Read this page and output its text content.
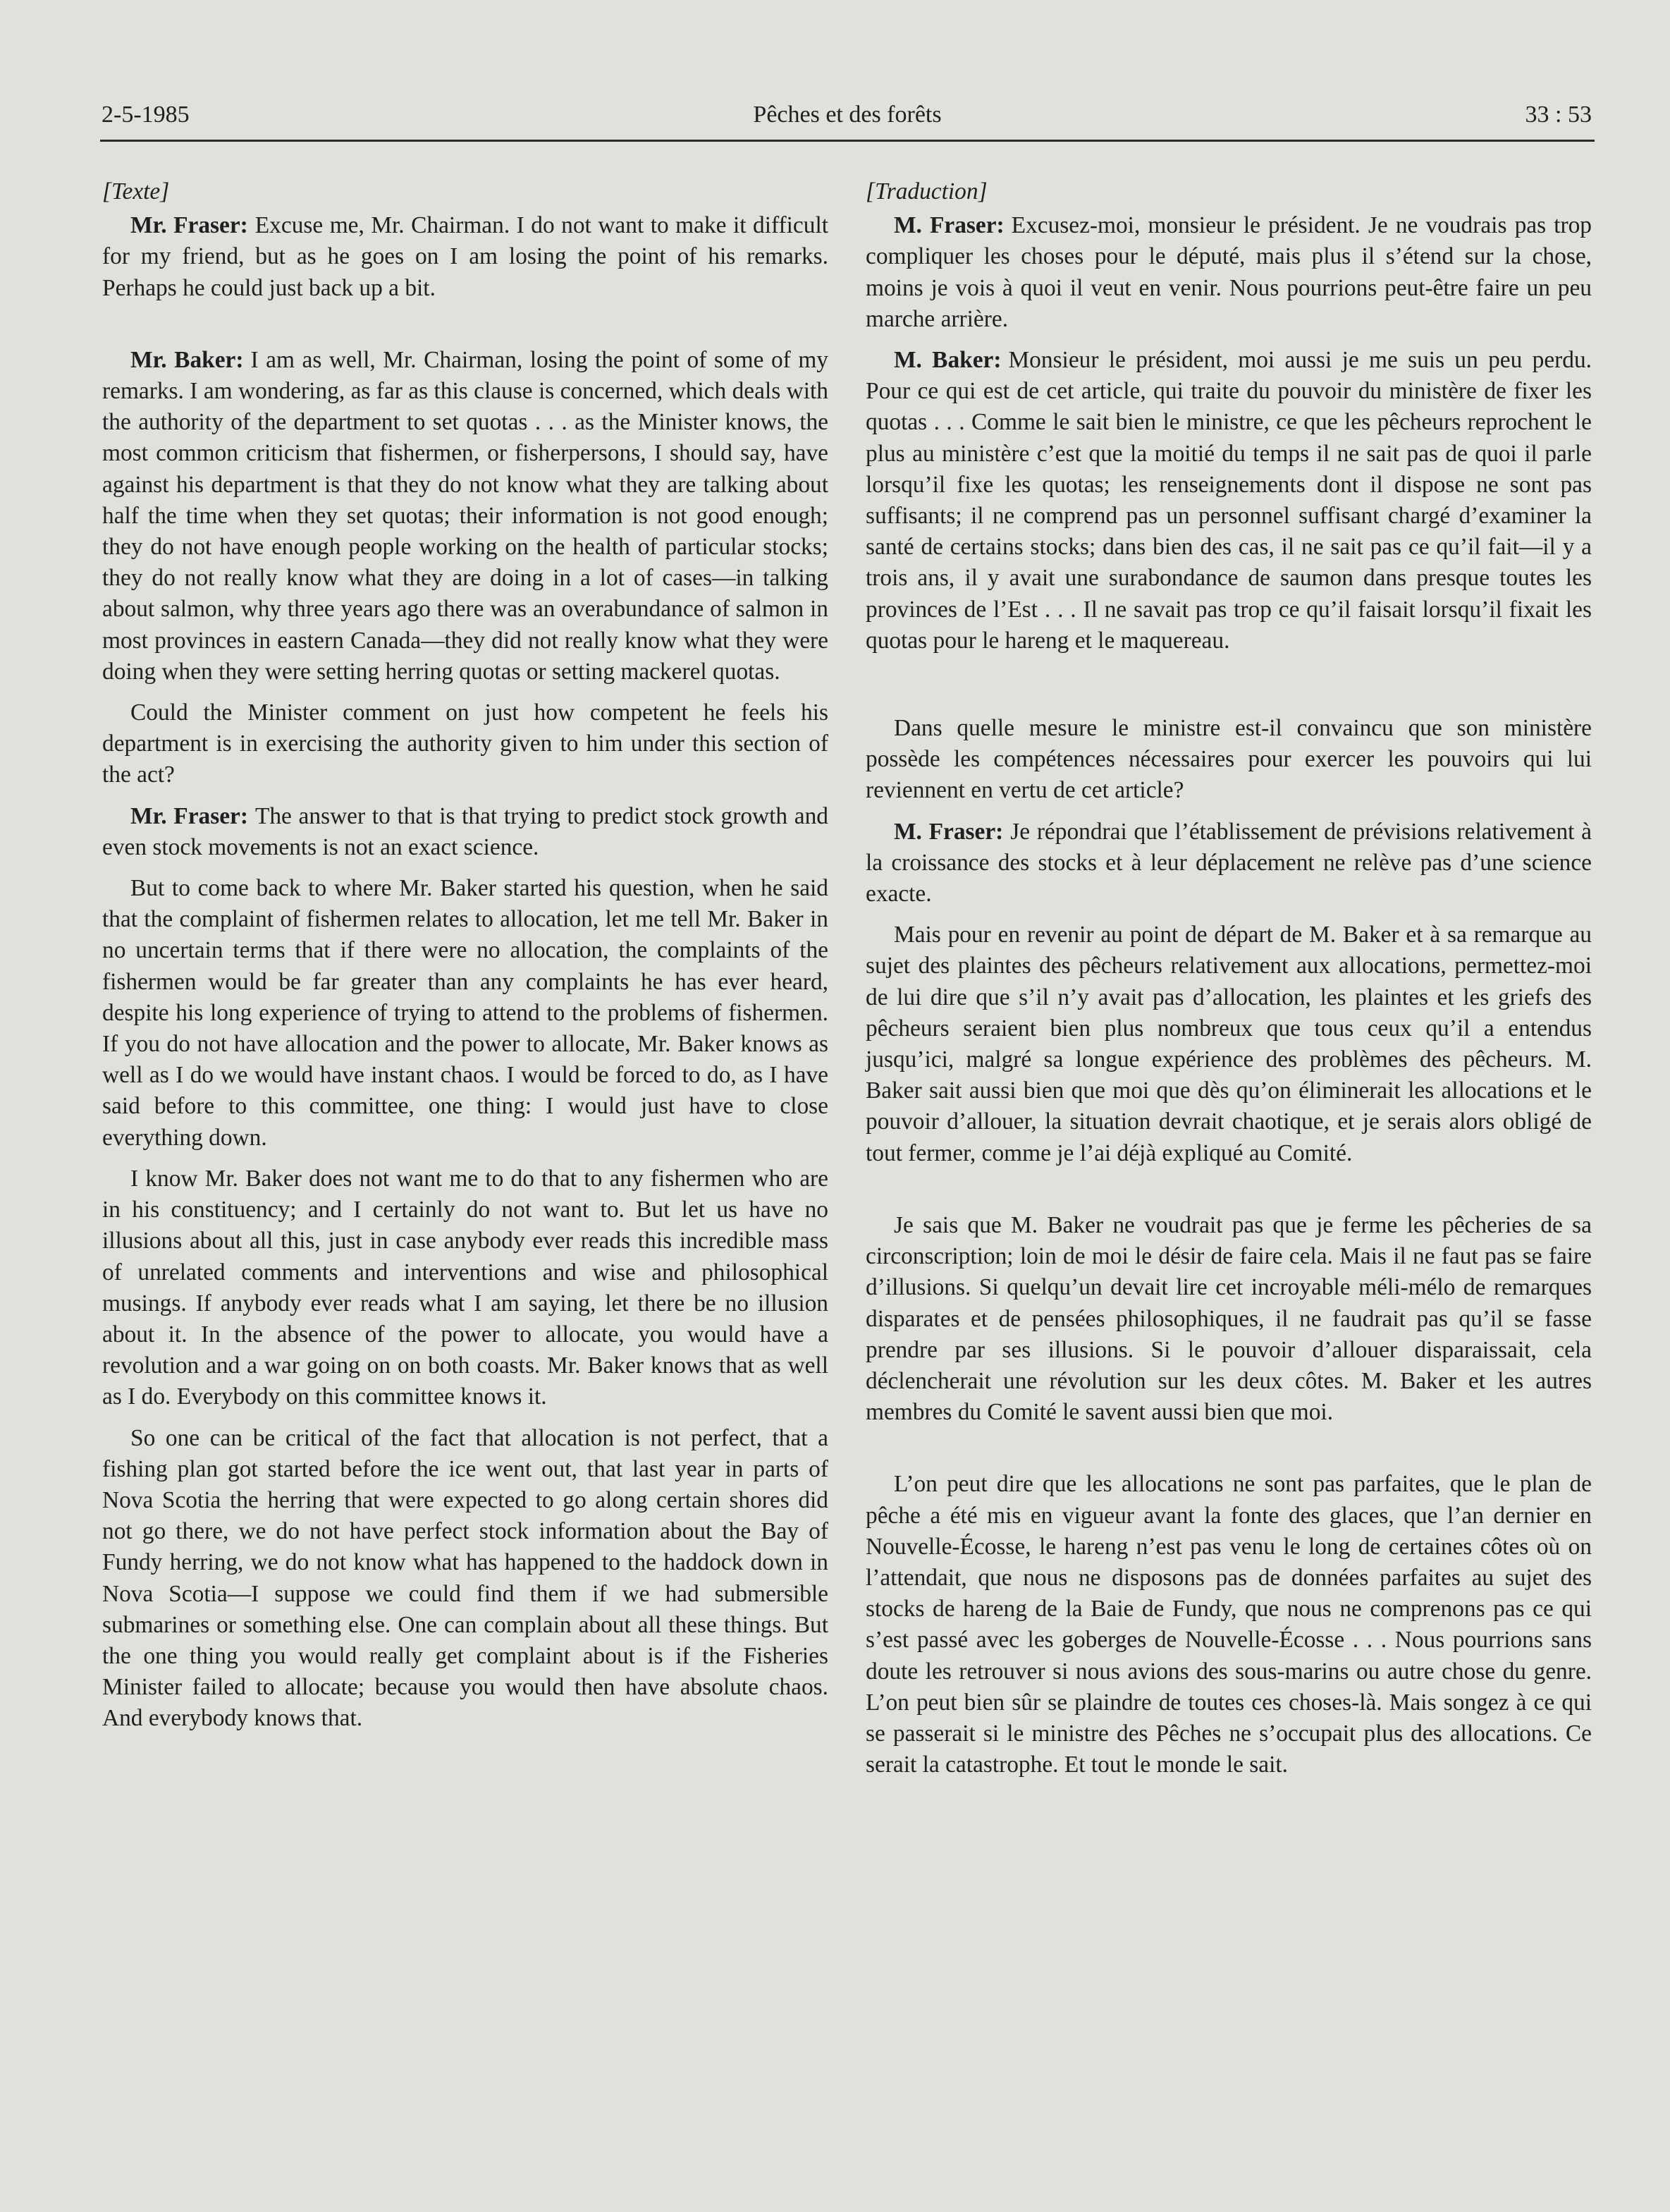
2-5-1985	Pêches et des forêts	33 : 53

[Texte]

Mr. Fraser: Excuse me, Mr. Chairman. I do not want to make it difficult for my friend, but as he goes on I am losing the point of his remarks. Perhaps he could just back up a bit.

Mr. Baker: I am as well, Mr. Chairman, losing the point of some of my remarks. I am wondering, as far as this clause is concerned, which deals with the authority of the department to set quotas . . . as the Minister knows, the most common criticism that fishermen, or fisherpersons, I should say, have against his department is that they do not know what they are talking about half the time when they set quotas; their information is not good enough; they do not have enough people working on the health of particular stocks; they do not really know what they are doing in a lot of cases—in talking about salmon, why three years ago there was an overabundance of salmon in most provinces in eastern Canada—they did not really know what they were doing when they were setting herring quotas or setting mackerel quotas.

Could the Minister comment on just how competent he feels his department is in exercising the authority given to him under this section of the act?

Mr. Fraser: The answer to that is that trying to predict stock growth and even stock movements is not an exact science.

But to come back to where Mr. Baker started his question, when he said that the complaint of fishermen relates to allocation, let me tell Mr. Baker in no uncertain terms that if there were no allocation, the complaints of the fishermen would be far greater than any complaints he has ever heard, despite his long experience of trying to attend to the problems of fishermen. If you do not have allocation and the power to allocate, Mr. Baker knows as well as I do we would have instant chaos. I would be forced to do, as I have said before to this committee, one thing: I would just have to close everything down.

I know Mr. Baker does not want me to do that to any fishermen who are in his constituency; and I certainly do not want to. But let us have no illusions about all this, just in case anybody ever reads this incredible mass of unrelated comments and interventions and wise and philosophical musings. If anybody ever reads what I am saying, let there be no illusion about it. In the absence of the power to allocate, you would have a revolution and a war going on on both coasts. Mr. Baker knows that as well as I do. Everybody on this committee knows it.

So one can be critical of the fact that allocation is not perfect, that a fishing plan got started before the ice went out, that last year in parts of Nova Scotia the herring that were expected to go along certain shores did not go there, we do not have perfect stock information about the Bay of Fundy herring, we do not know what has happened to the haddock down in Nova Scotia—I suppose we could find them if we had submersible submarines or something else. One can complain about all these things. But the one thing you would really get complaint about is if the Fisheries Minister failed to allocate; because you would then have absolute chaos. And everybody knows that.

[Traduction]

M. Fraser: Excusez-moi, monsieur le président. Je ne voudrais pas trop compliquer les choses pour le député, mais plus il s’étend sur la chose, moins je vois à quoi il veut en venir. Nous pourrions peut-être faire un peu marche arrière.

M. Baker: Monsieur le président, moi aussi je me suis un peu perdu. Pour ce qui est de cet article, qui traite du pouvoir du ministère de fixer les quotas . . . Comme le sait bien le ministre, ce que les pêcheurs reprochent le plus au ministère c’est que la moitié du temps il ne sait pas de quoi il parle lorsqu’il fixe les quotas; les renseignements dont il dispose ne sont pas suffisants; il ne comprend pas un personnel suffisant chargé d’examiner la santé de certains stocks; dans bien des cas, il ne sait pas ce qu’il fait—il y a trois ans, il y avait une surabondance de saumon dans presque toutes les provinces de l’Est . . . Il ne savait pas trop ce qu’il faisait lorsqu’il fixait les quotas pour le hareng et le maquereau.

Dans quelle mesure le ministre est-il convaincu que son ministère possède les compétences nécessaires pour exercer les pouvoirs qui lui reviennent en vertu de cet article?

M. Fraser: Je répondrai que l’établissement de prévisions relativement à la croissance des stocks et à leur déplacement ne relève pas d’une science exacte.

Mais pour en revenir au point de départ de M. Baker et à sa remarque au sujet des plaintes des pêcheurs relativement aux allocations, permettez-moi de lui dire que s’il n’y avait pas d’allocation, les plaintes et les griefs des pêcheurs seraient bien plus nombreux que tous ceux qu’il a entendus jusqu’ici, malgré sa longue expérience des problèmes des pêcheurs. M. Baker sait aussi bien que moi que dès qu’on éliminerait les allocations et le pouvoir d’allouer, la situation devrait chaotique, et je serais alors obligé de tout fermer, comme je l’ai déjà expliqué au Comité.

Je sais que M. Baker ne voudrait pas que je ferme les pêcheries de sa circonscription; loin de moi le désir de faire cela. Mais il ne faut pas se faire d’illusions. Si quelqu’un devait lire cet incroyable méli-mélo de remarques disparates et de pensées philosophiques, il ne faudrait pas qu’il se fasse prendre par ses illusions. Si le pouvoir d’allouer disparaissait, cela déclencherait une révolution sur les deux côtes. M. Baker et les autres membres du Comité le savent aussi bien que moi.

L’on peut dire que les allocations ne sont pas parfaites, que le plan de pêche a été mis en vigueur avant la fonte des glaces, que l’an dernier en Nouvelle-Écosse, le hareng n’est pas venu le long de certaines côtes où on l’attendait, que nous ne disposons pas de données parfaites au sujet des stocks de hareng de la Baie de Fundy, que nous ne comprenons pas ce qui s’est passé avec les goberges de Nouvelle-Écosse . . . Nous pourrions sans doute les retrouver si nous avions des sous-marins ou autre chose du genre. L’on peut bien sûr se plaindre de toutes ces choses-là. Mais songez à ce qui se passerait si le ministre des Pêches ne s’occupait plus des allocations. Ce serait la catastrophe. Et tout le monde le sait.
